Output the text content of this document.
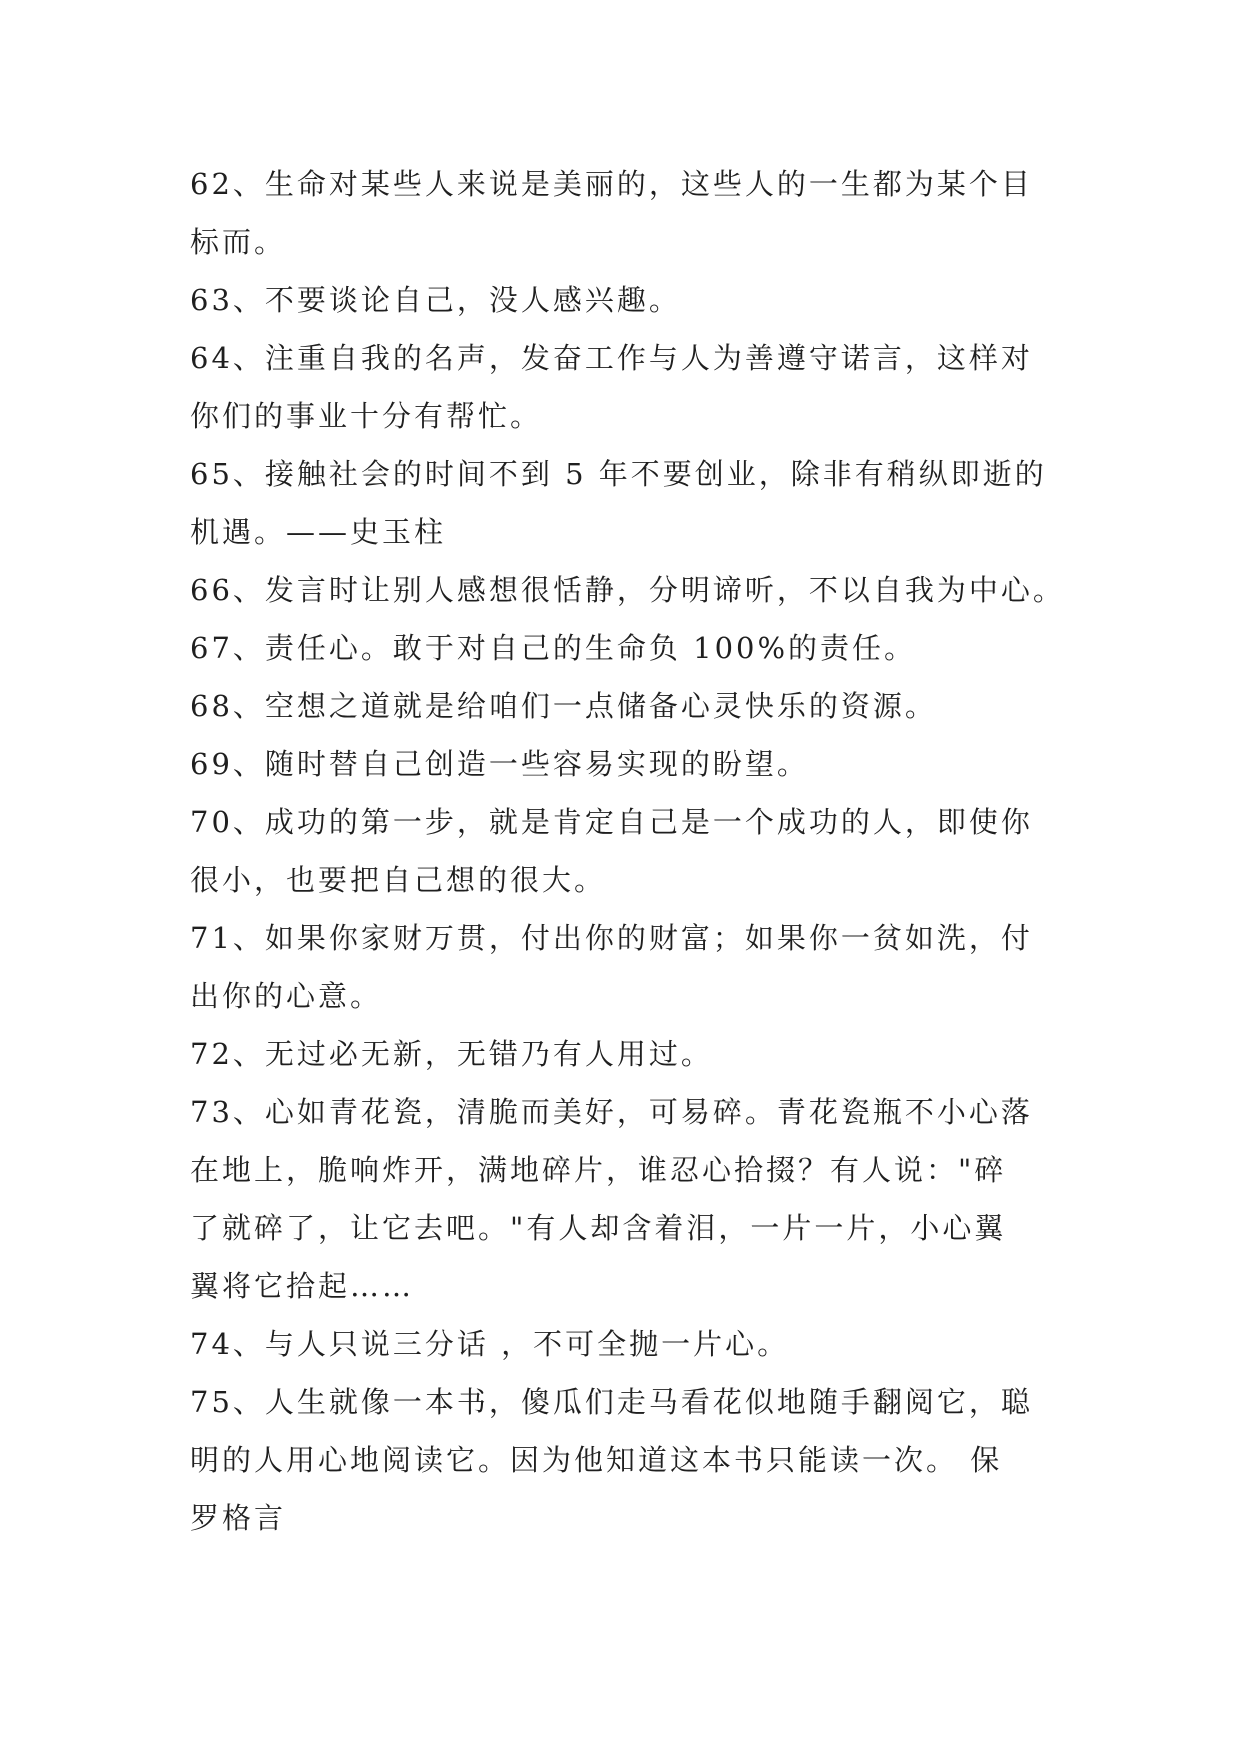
62、生命对某些人来说是美丽的，这些人的一生都为某个目
标而。
63、不要谈论自己，没人感兴趣。
64、注重自我的名声，发奋工作与人为善遵守诺言，这样对
你们的事业十分有帮忙。
65、接触社会的时间不到 5 年不要创业，除非有稍纵即逝的
机遇。——史玉柱
66、发言时让别人感想很恬静，分明谛听，不以自我为中心。
67、责任心。敢于对自己的生命负 100%的责任。
68、空想之道就是给咱们一点储备心灵快乐的资源。
69、随时替自己创造一些容易实现的盼望。
70、成功的第一步，就是肯定自己是一个成功的人，即使你
很小，也要把自己想的很大。
71、如果你家财万贯，付出你的财富；如果你一贫如洗，付
出你的心意。
72、无过必无新，无错乃有人用过。
73、心如青花瓷，清脆而美好，可易碎。青花瓷瓶不小心落
在地上，脆响炸开，满地碎片，谁忍心拾掇？有人说："碎
了就碎了，让它去吧。"有人却含着泪，一片一片，小心翼
翼将它拾起……
74、与人只说三分话 ，不可全抛一片心。
75、人生就像一本书，傻瓜们走马看花似地随手翻阅它，聪
明的人用心地阅读它。因为他知道这本书只能读一次。 保
罗格言
